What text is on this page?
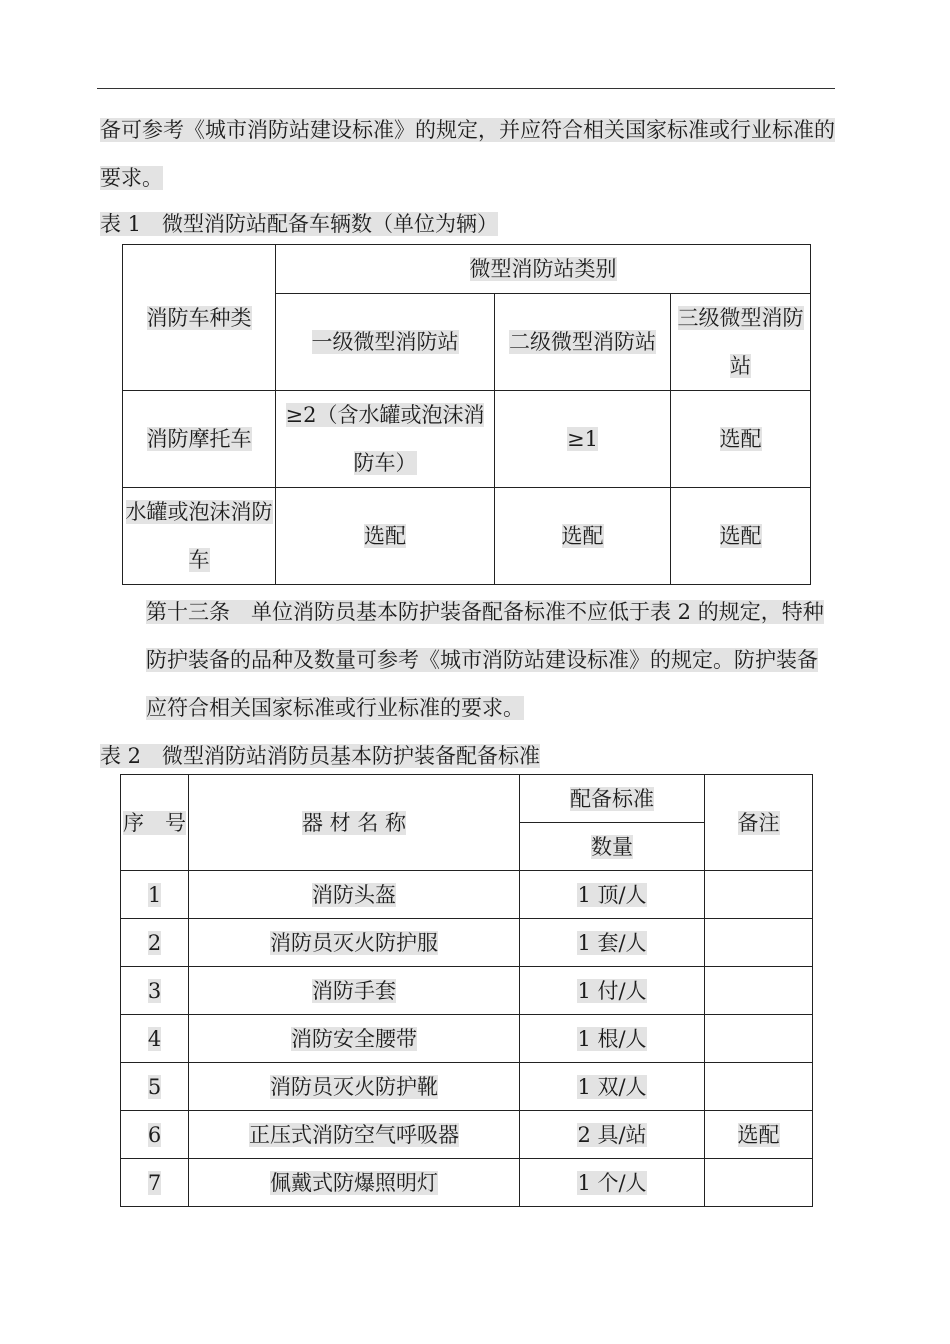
备可参考《城市消防站建设标准》的规定，并应符合相关国家标准或行业标准的要求。

表 1　微型消防站配备车辆数（单位为辆）

消防车种类	微型消防站类别		
	一级微型消防站	二级微型消防站	三级微型消防站
消防摩托车	≥2（含水罐或泡沫消防车）	≥1	选配
水罐或泡沫消防车	选配	选配	选配

第十三条　单位消防员基本防护装备配备标准不应低于表 2 的规定，特种防护装备的品种及数量可参考《城市消防站建设标准》的规定。防护装备应符合相关国家标准或行业标准的要求。

表 2　微型消防站消防员基本防护装备配备标准

序　号	器 材 名 称	配备标准	备注
		数量	
1	消防头盔	1 顶/人	
2	消防员灭火防护服	1 套/人	
3	消防手套	1 付/人	
4	消防安全腰带	1 根/人	
5	消防员灭火防护靴	1 双/人	
6	正压式消防空气呼吸器	2 具/站	选配
7	佩戴式防爆照明灯	1 个/人	
